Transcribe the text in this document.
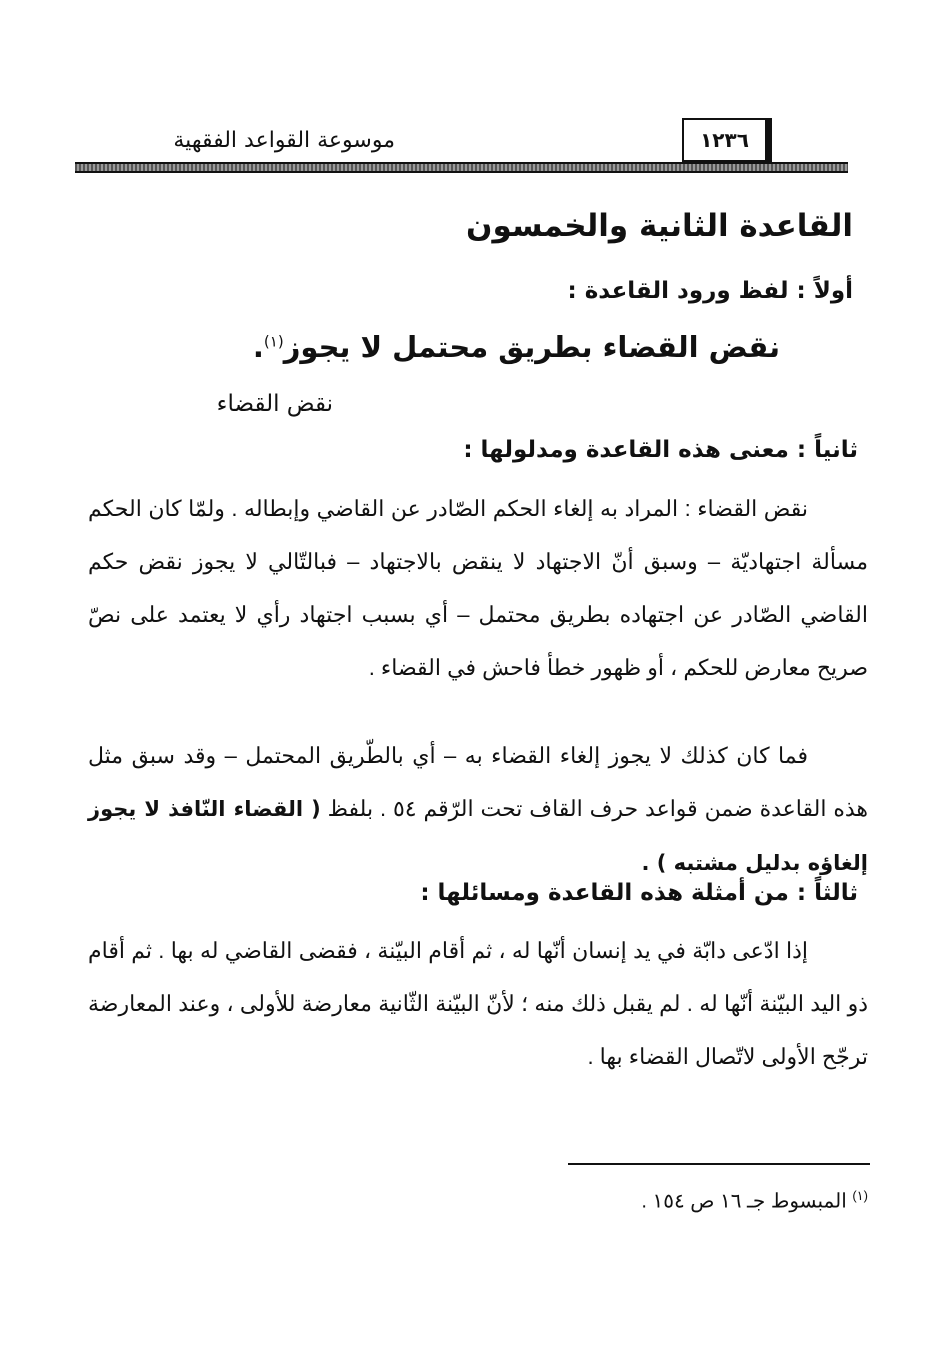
١٢٣٦
موسوعة القواعد الفقهية
القاعدة الثانية والخمسون
أولاً : لفظ ورود القاعدة :
نقض القضاء بطريق محتمل لا يجوز$^{(١)}$.
نقض القضاء
ثانياً : معنى هذه القاعدة ومدلولها :
نقض القضاء : المراد به إلغاء الحكم الصّادر عن القاضي وإبطاله . ولمّا كان الحكم مسألة اجتهاديّة – وسبق أنّ الاجتهاد لا ينقض بالاجتهاد – فبالتّالي لا يجوز نقض حكم القاضي الصّادر عن اجتهاده بطريق محتمل – أي بسبب اجتهاد رأي لا يعتمد على نصّ صريح معارض للحكم ، أو ظهور خطأ فاحش في القضاء .
فما كان كذلك لا يجوز إلغاء القضاء به – أي بالطّريق المحتمل – وقد سبق مثل هذه القاعدة ضمن قواعد حرف القاف تحت الرّقم ٥٤ . بلفظ ( القضاء النّافذ لا يجوز إلغاؤه بدليل مشتبه ) .
ثالثاً : من أمثلة هذه القاعدة ومسائلها :
إذا ادّعى دابّة في يد إنسان أنّها له ، ثم أقام البيّنة ، فقضى القاضي له بها . ثم أقام ذو اليد البيّنة أنّها له . لم يقبل ذلك منه ؛ لأنّ البيّنة الثّانية معارضة للأولى ، وعند المعارضة ترجّح الأولى لاتّصال القضاء بها .
$^{(١)}$ المبسوط جـ ١٦ ص ١٥٤ .
